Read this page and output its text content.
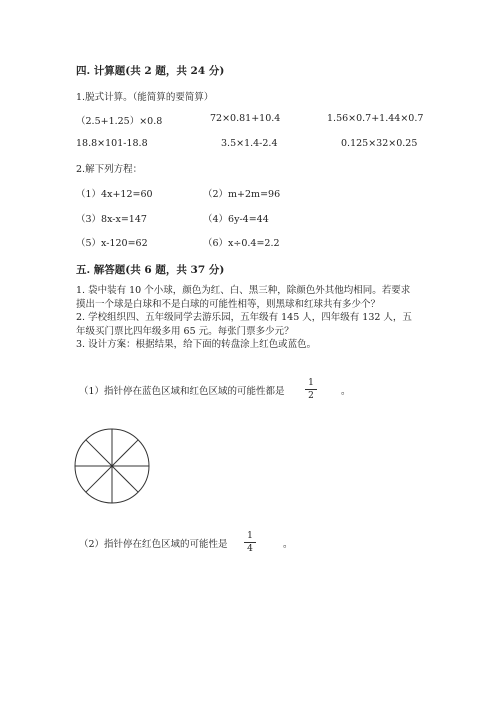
四. 计算题(共 2 题，共 24 分)
1.脱式计算。（能简算的要简算）
（2.5+1.25）×0.8	72×0.81+10.4	1.56×0.7+1.44×0.7
18.8×101-18.8	3.5×1.4-2.4	0.125×32×0.25
2.解下列方程：
（1）4x+12=60	（2）m+2m=96
（3）8x-x=147	（4）6y-4=44
（5）x-120=62	（6）x÷0.4=2.2
五. 解答题(共 6 题，共 37 分)
1. 袋中装有 10 个小球，颜色为红、白、黑三种，除颜色外其他均相同。若要求
摸出一个球是白球和不是白球的可能性相等，则黑球和红球共有多少个？
2. 学校组织四、五年级同学去游乐园，五年级有 145 人，四年级有 132 人，五
年级买门票比四年级多用 65 元。每张门票多少元？
3. 设计方案：根据结果，给下面的转盘涂上红色或蓝色。
（1）指针停在蓝色区域和红色区域的可能性都是
1
2	。
（2）指针停在红色区域的可能性是
1
4	。
